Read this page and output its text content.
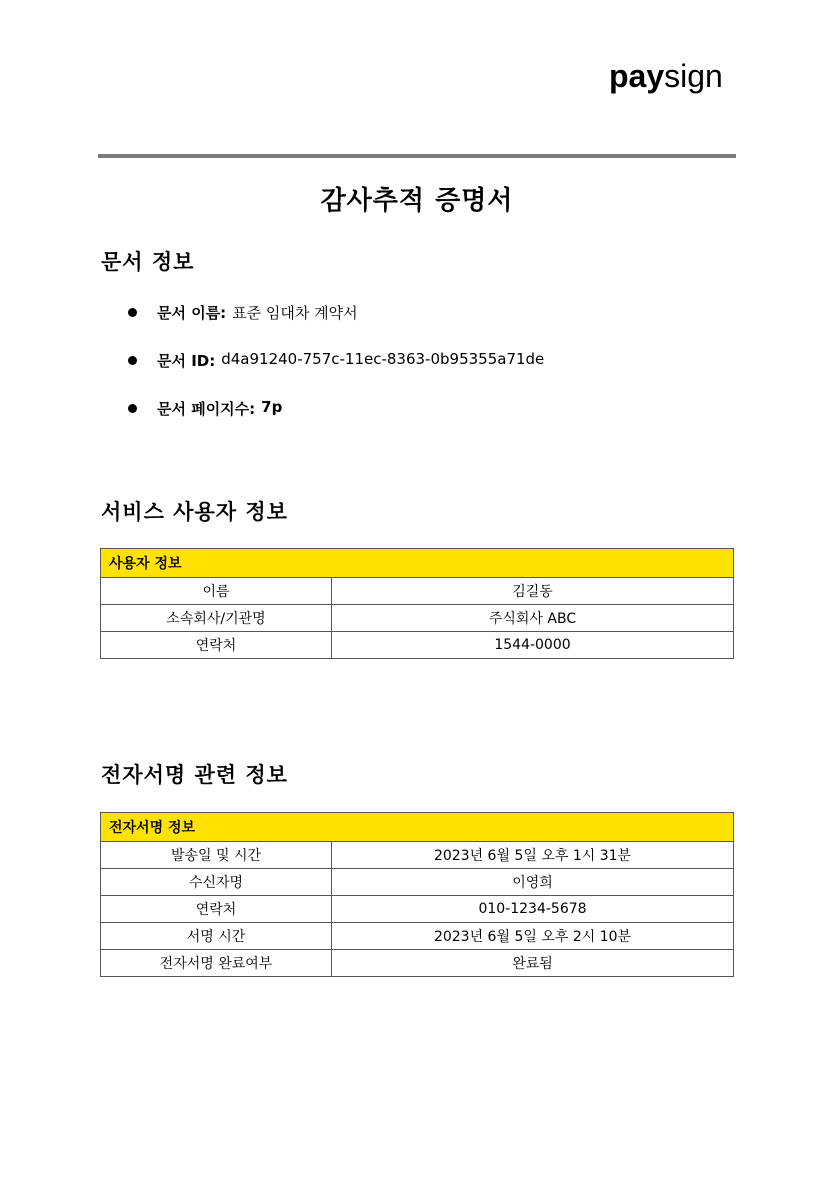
paysign
감사추적 증명서
문서 정보
문서 이름: 표준 임대차 계약서
문서 ID: d4a91240-757c-11ec-8363-0b95355a71de
문서 페이지수: 7p
서비스 사용자 정보
사용자 정보	
이름	김길동
소속회사/기관명	주식회사 ABC
연락처	1544-0000
전자서명 관련 정보
전자서명 정보	
발송일 및 시간	2023년 6월 5일 오후 1시 31분
수신자명	이영희
연락처	010-1234-5678
서명 시간	2023년 6월 5일 오후 2시 10분
전자서명 완료여부	완료됨
